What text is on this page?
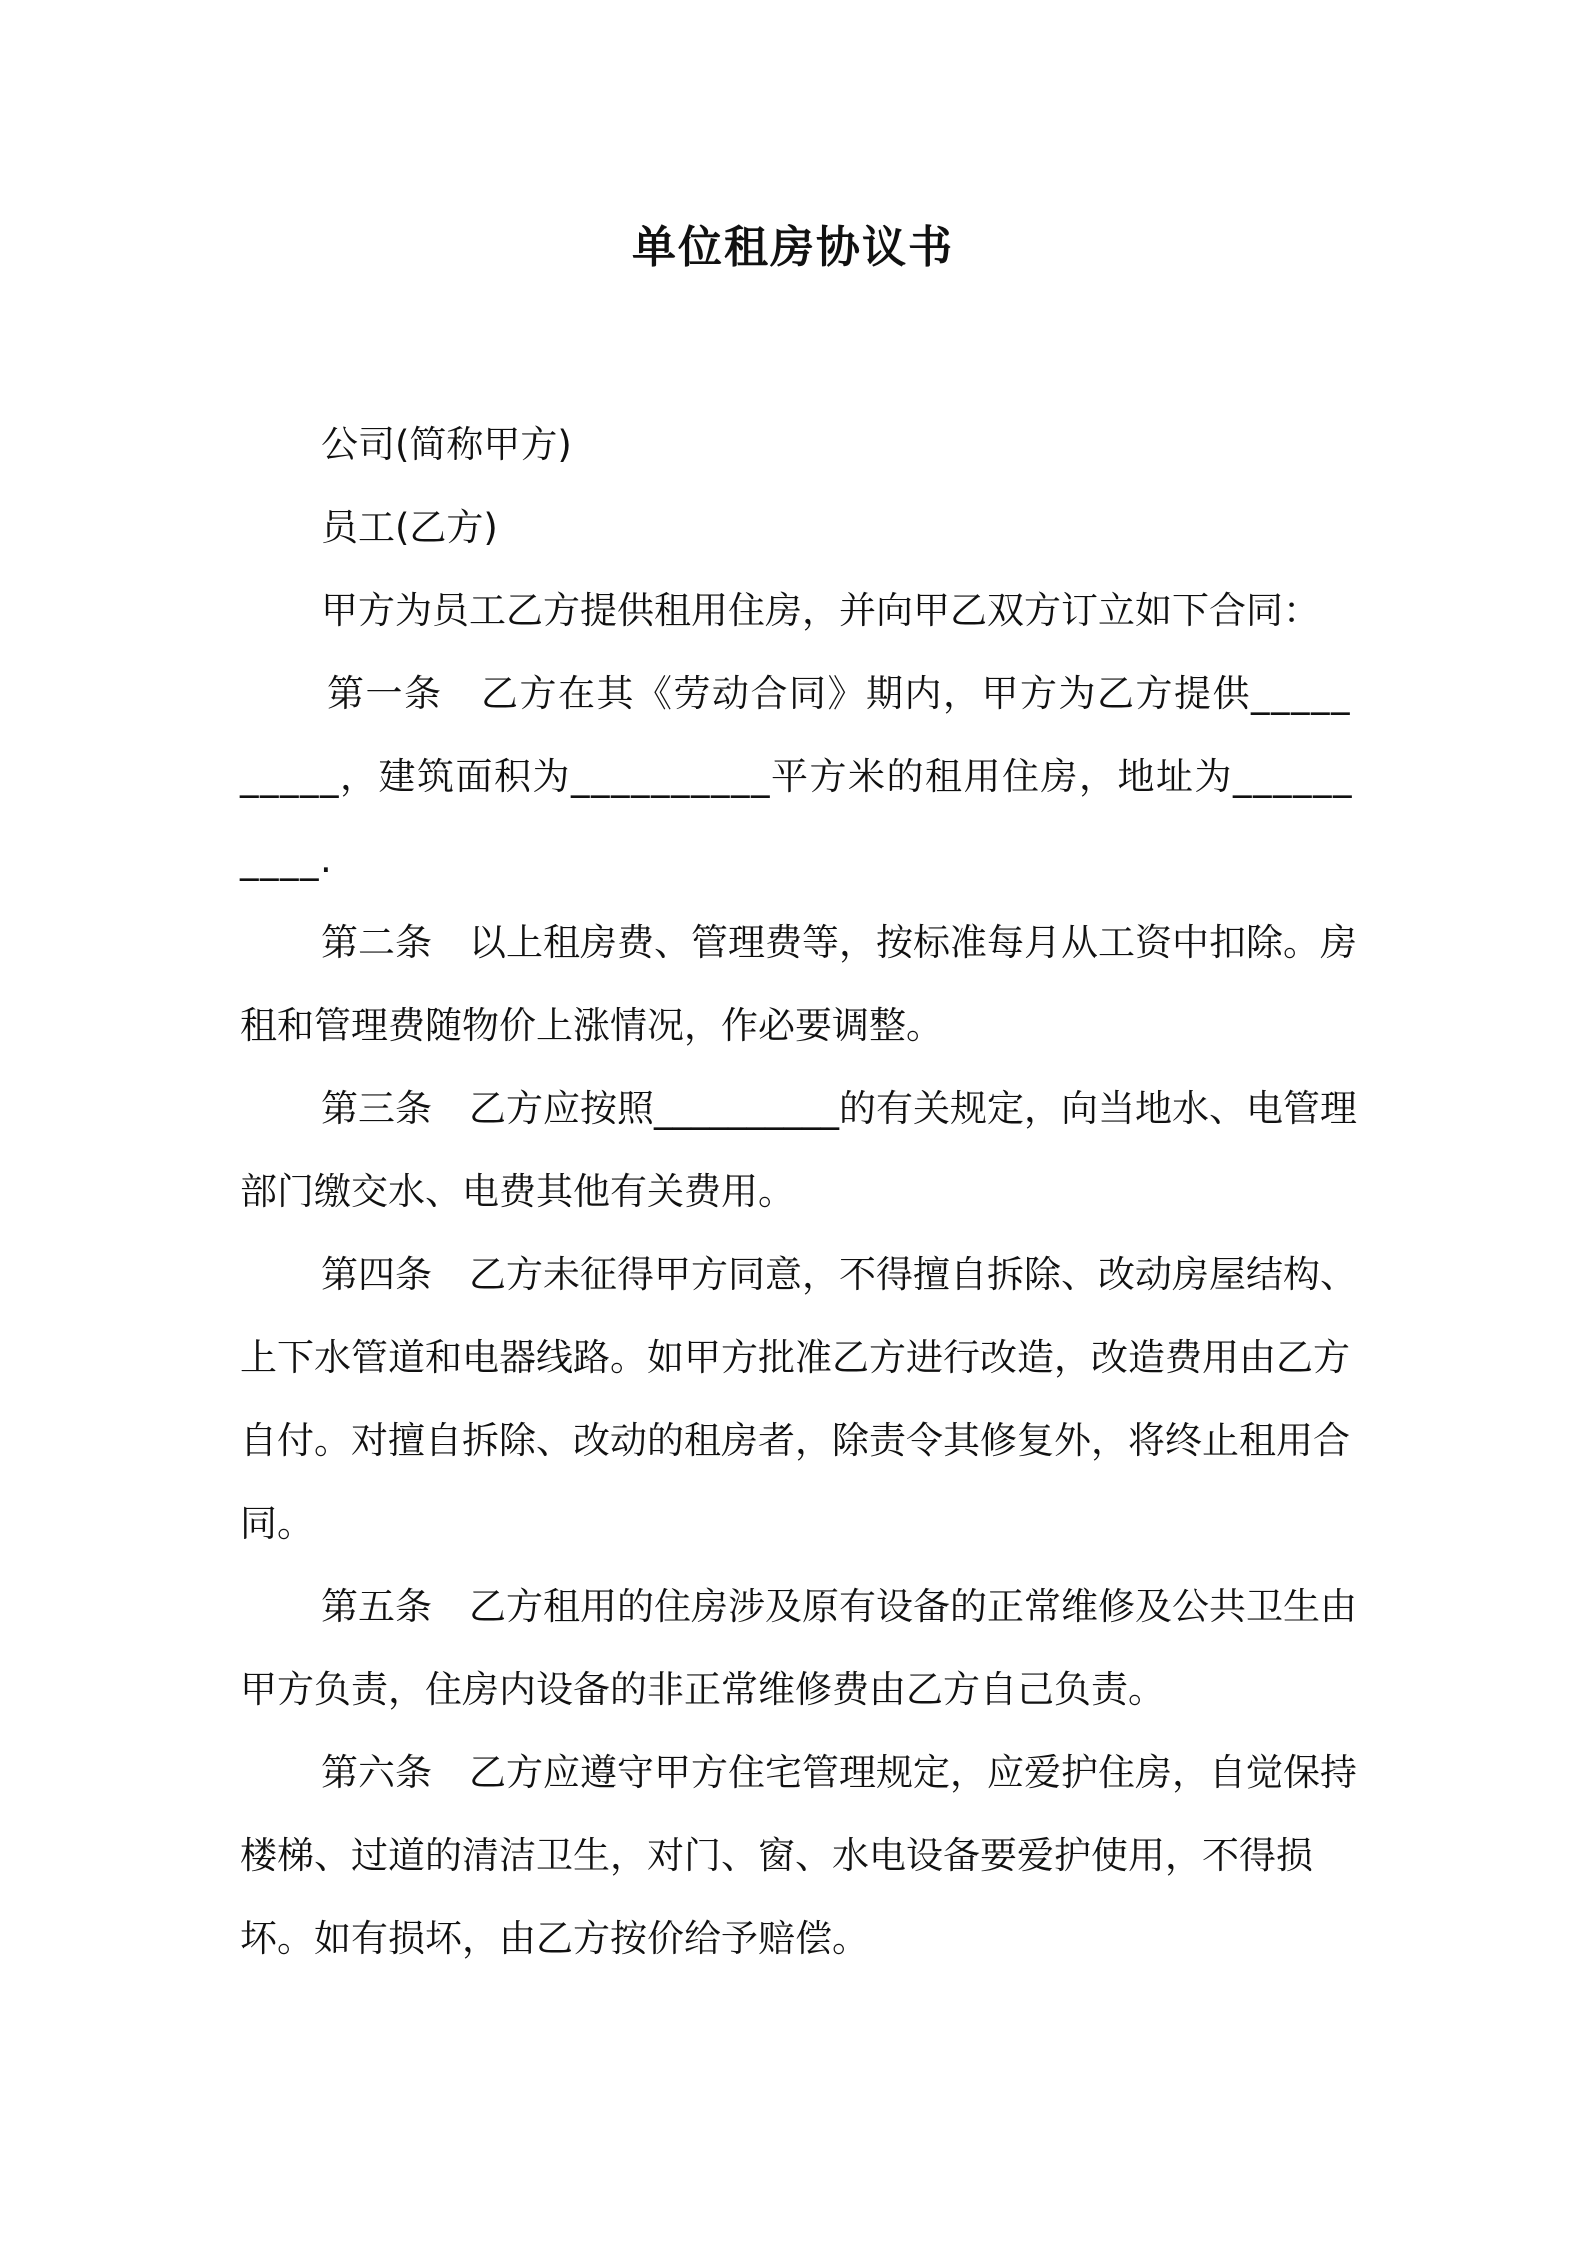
单位租房协议书

公司(简称甲方)

员工(乙方)

甲方为员工乙方提供租用住房，并向甲乙双方订立如下合同：

第一条　乙方在其《劳动合同》期内，甲方为乙方提供__________，建筑面积为__________平方米的租用住房，地址为__________.

第二条　以上租房费、管理费等，按标准每月从工资中扣除。房租和管理费随物价上涨情况，作必要调整。

第三条　乙方应按照__________的有关规定，向当地水、电管理部门缴交水、电费其他有关费用。

第四条　乙方未征得甲方同意，不得擅自拆除、改动房屋结构、上下水管道和电器线路。如甲方批准乙方进行改造，改造费用由乙方自付。对擅自拆除、改动的租房者，除责令其修复外，将终止租用合同。

第五条　乙方租用的住房涉及原有设备的正常维修及公共卫生由甲方负责，住房内设备的非正常维修费由乙方自己负责。

第六条　乙方应遵守甲方住宅管理规定，应爱护住房，自觉保持楼梯、过道的清洁卫生，对门、窗、水电设备要爱护使用，不得损坏。如有损坏，由乙方按价给予赔偿。
